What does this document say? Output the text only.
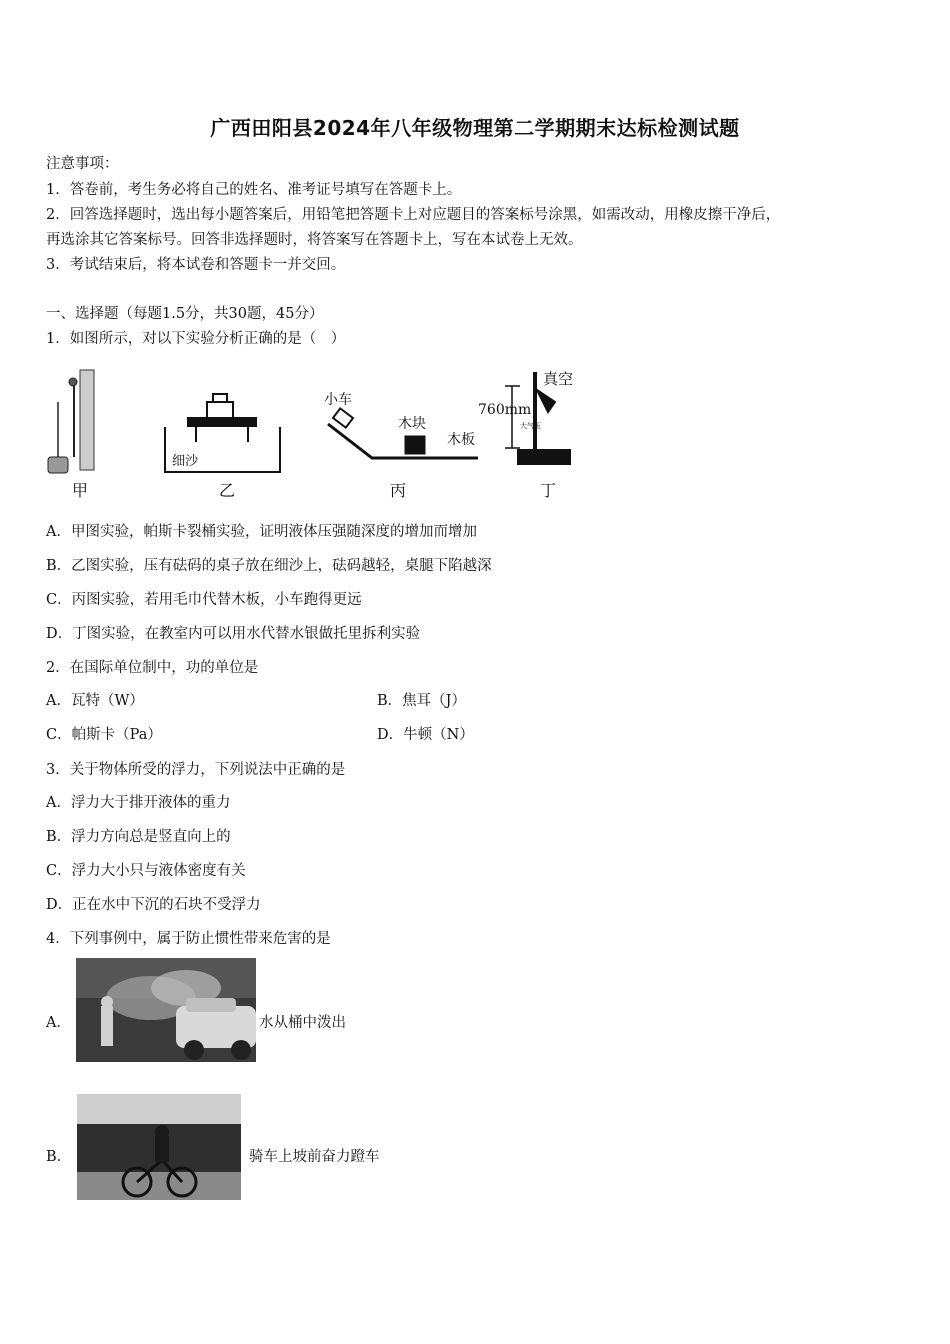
广西田阳县2024年八年级物理第二学期期末达标检测试题
注意事项：
1．答卷前，考生务必将自己的姓名、准考证号填写在答题卡上。
2．回答选择题时，选出每小题答案后，用铅笔把答题卡上对应题目的答案标号涂黑，如需改动，用橡皮擦干净后，
再选涂其它答案标号。回答非选择题时，将答案写在答题卡上，写在本试卷上无效。
3．考试结束后，将本试卷和答题卡一并交回。
一、选择题（每题1.5分，共30题，45分）
1．如图所示，对以下实验分析正确的是（　）
细沙
小车
木块
木板
真空
760mm
大气压
甲	乙	丙	丁
A．甲图实验，帕斯卡裂桶实验，证明液体压强随深度的增加而增加
B．乙图实验，压有砝码的桌子放在细沙上，砝码越轻，桌腿下陷越深
C．丙图实验，若用毛巾代替木板，小车跑得更远
D．丁图实验，在教室内可以用水代替水银做托里拆利实验
2．在国际单位制中，功的单位是
A．瓦特（W）	B．焦耳（J）
C．帕斯卡（Pa）	D．牛顿（N）
3．关于物体所受的浮力，下列说法中正确的是
A．浮力大于排开液体的重力
B．浮力方向总是竖直向上的
C．浮力大小只与液体密度有关
D．正在水中下沉的石块不受浮力
4．下列事例中，属于防止惯性带来危害的是
A．	水从桶中泼出
B．	骑车上坡前奋力蹬车
